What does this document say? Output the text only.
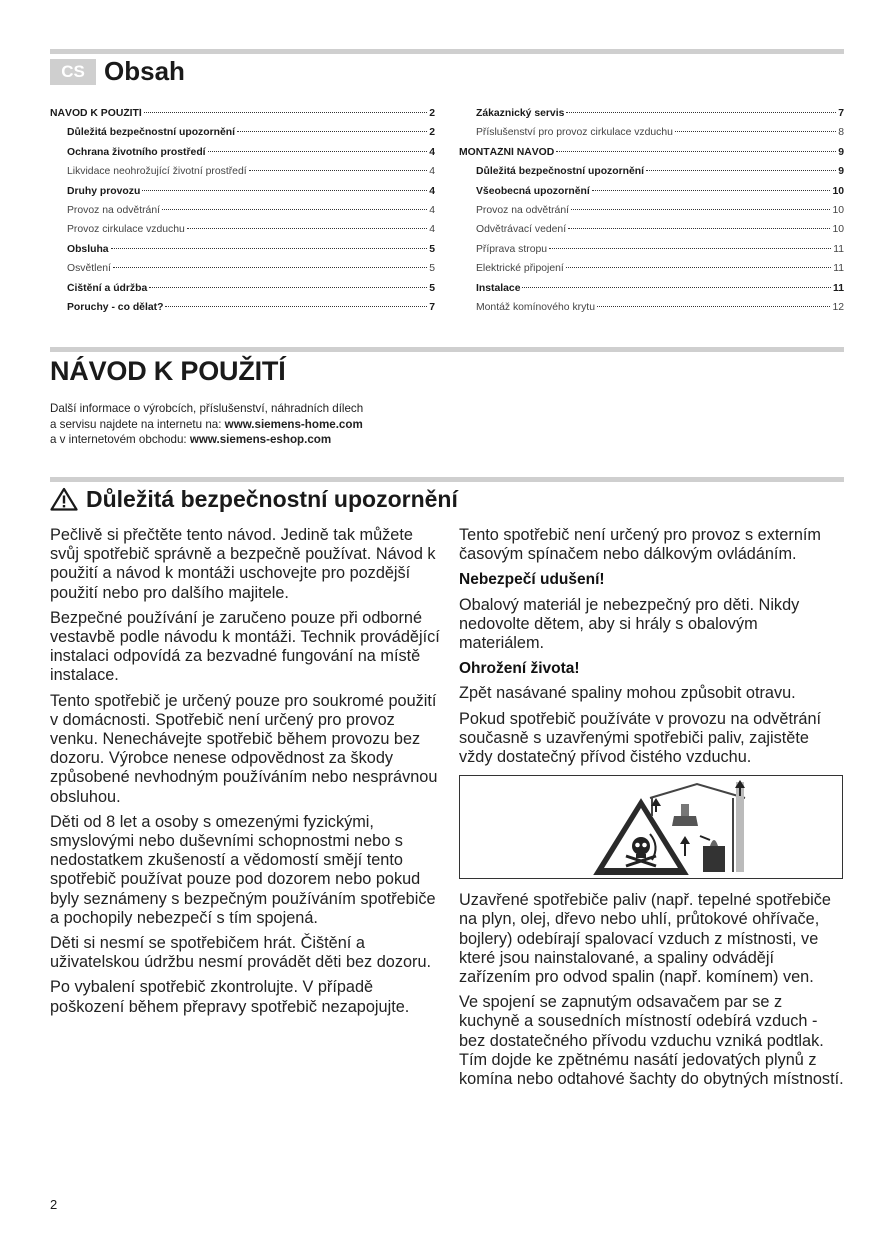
CS Obsah
NÁVOD K POUŽITÍ	2
Důležitá bezpečnostní upozornění	2
Ochrana životního prostředí	4
Likvidace neohrožující životní prostředí	4
Druhy provozu	4
Provoz na odvětrání	4
Provoz cirkulace vzduchu	4
Obsluha	5
Osvětlení	5
Čištění a údržba	5
Poruchy - co dělat?	7
Zákaznický servis	7
Příslušenství pro provoz cirkulace vzduchu	8
MONTÁŽNÍ NÁVOD	9
Důležitá bezpečnostní upozornění	9
Všeobecná upozornění	10
Provoz na odvětrání	10
Odvětrávací vedení	10
Příprava stropu	11
Elektrické připojení	11
Instalace	11
Montáž komínového krytu	12
NÁVOD K POUŽITÍ
Další informace o výrobcích, příslušenství, náhradních dílech
a servisu najdete na internetu na: www.siemens-home.com
a v internetovém obchodu: www.siemens-eshop.com
Důležitá bezpečnostní upozornění

Pečlivě si přečtěte tento návod. Jedině tak můžete svůj spotřebič správně a bezpečně používat. Návod k použití a návod k montáži uschovejte pro pozdější použití nebo pro dalšího majitele.

Bezpečné používání je zaručeno pouze při odborné vestavbě podle návodu k montáži. Technik provádějící instalaci odpovídá za bezvadné fungování na místě instalace.

Tento spotřebič je určený pouze pro soukromé použití v domácnosti. Spotřebič není určený pro provoz venku. Nenechávejte spotřebič během provozu bez dozoru. Výrobce nenese odpovědnost za škody způsobené nevhodným používáním nebo nesprávnou obsluhou.

Děti od 8 let a osoby s omezenými fyzickými, smyslovými nebo duševními schopnostmi nebo s nedostatkem zkušeností a vědomostí smějí tento spotřebič používat pouze pod dozorem nebo pokud byly seznámeny s bezpečným používáním spotřebiče a pochopily nebezpečí s tím spojená.

Děti si nesmí se spotřebičem hrát. Čištění a uživatelskou údržbu nesmí provádět děti bez dozoru.

Po vybalení spotřebič zkontrolujte. V případě poškození během přepravy spotřebič nezapojujte.

Tento spotřebič není určený pro provoz s externím časovým spínačem nebo dálkovým ovládáním.

Nebezpečí udušení!

Obalový materiál je nebezpečný pro děti. Nikdy nedovolte dětem, aby si hrály s obalovým materiálem.

Ohrožení života!

Zpět nasávané spaliny mohou způsobit otravu.

Pokud spotřebič používáte v provozu na odvětrání současně s uzavřenými spotřebiči paliv, zajistěte vždy dostatečný přívod čistého vzduchu.

Uzavřené spotřebiče paliv (např. tepelné spotřebiče na plyn, olej, dřevo nebo uhlí, průtokové ohřívače, bojlery) odebírají spalovací vzduch z místnosti, ve které jsou nainstalované, a spaliny odvádějí zařízením pro odvod spalin (např. komínem) ven.

Ve spojení se zapnutým odsavačem par se z kuchyně a sousedních místností odebírá vzduch - bez dostatečného přívodu vzduchu vzniká podtlak. Tím dojde ke zpětnému nasátí jedovatých plynů z komína nebo odtahové šachty do obytných místností.

2
